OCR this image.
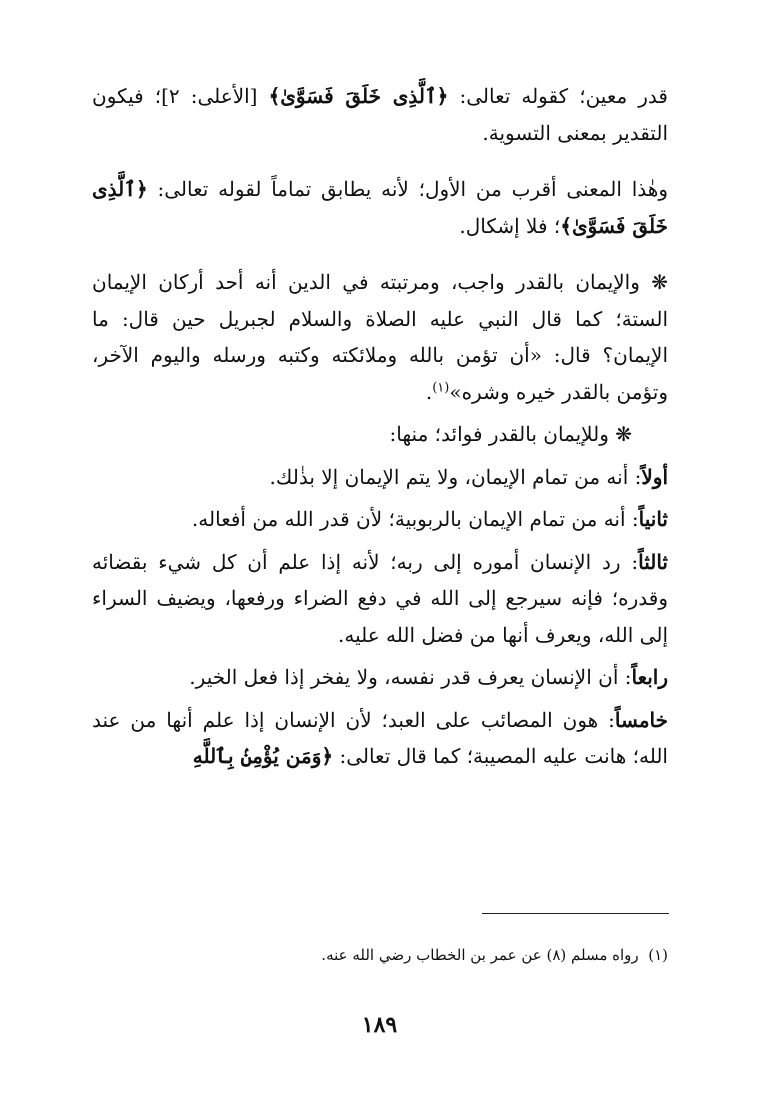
قدر معين؛ كقوله تعالى: ﴿ٱلَّذِى خَلَقَ فَسَوَّىٰ﴾ [الأعلى: ٢]؛ فيكون التقدير بمعنى التسوية.

وهٰذا المعنى أقرب من الأول؛ لأنه يطابق تماماً لقوله تعالى: ﴿ٱلَّذِى خَلَقَ فَسَوَّىٰ﴾؛ فلا إشكال.

❋ والإيمان بالقدر واجب، ومرتبته في الدين أنه أحد أركان الإيمان الستة؛ كما قال النبي عليه الصلاة والسلام لجبريل حين قال: ما الإيمان؟ قال: «أن تؤمن بالله وملائكته وكتبه ورسله واليوم الآخر، وتؤمن بالقدر خيره وشره»$^{(١)}$.

❋ وللإيمان بالقدر فوائد؛ منها:

أولاً: أنه من تمام الإيمان، ولا يتم الإيمان إلا بذٰلك.

ثانياً: أنه من تمام الإيمان بالربوبية؛ لأن قدر الله من أفعاله.

ثالثاً: رد الإنسان أموره إلى ربه؛ لأنه إذا علم أن كل شيء بقضائه وقدره؛ فإنه سيرجع إلى الله في دفع الضراء ورفعها، ويضيف السراء إلى الله، ويعرف أنها من فضل الله عليه.

رابعاً: أن الإنسان يعرف قدر نفسه، ولا يفخر إذا فعل الخير.

خامساً: هون المصائب على العبد؛ لأن الإنسان إذا علم أنها من عند الله؛ هانت عليه المصيبة؛ كما قال تعالى: ﴿وَمَن يُؤْمِنۢ بِٱللَّهِ

(١)  رواه مسلم (٨) عن عمر بن الخطاب رضي الله عنه.
١٨٩
